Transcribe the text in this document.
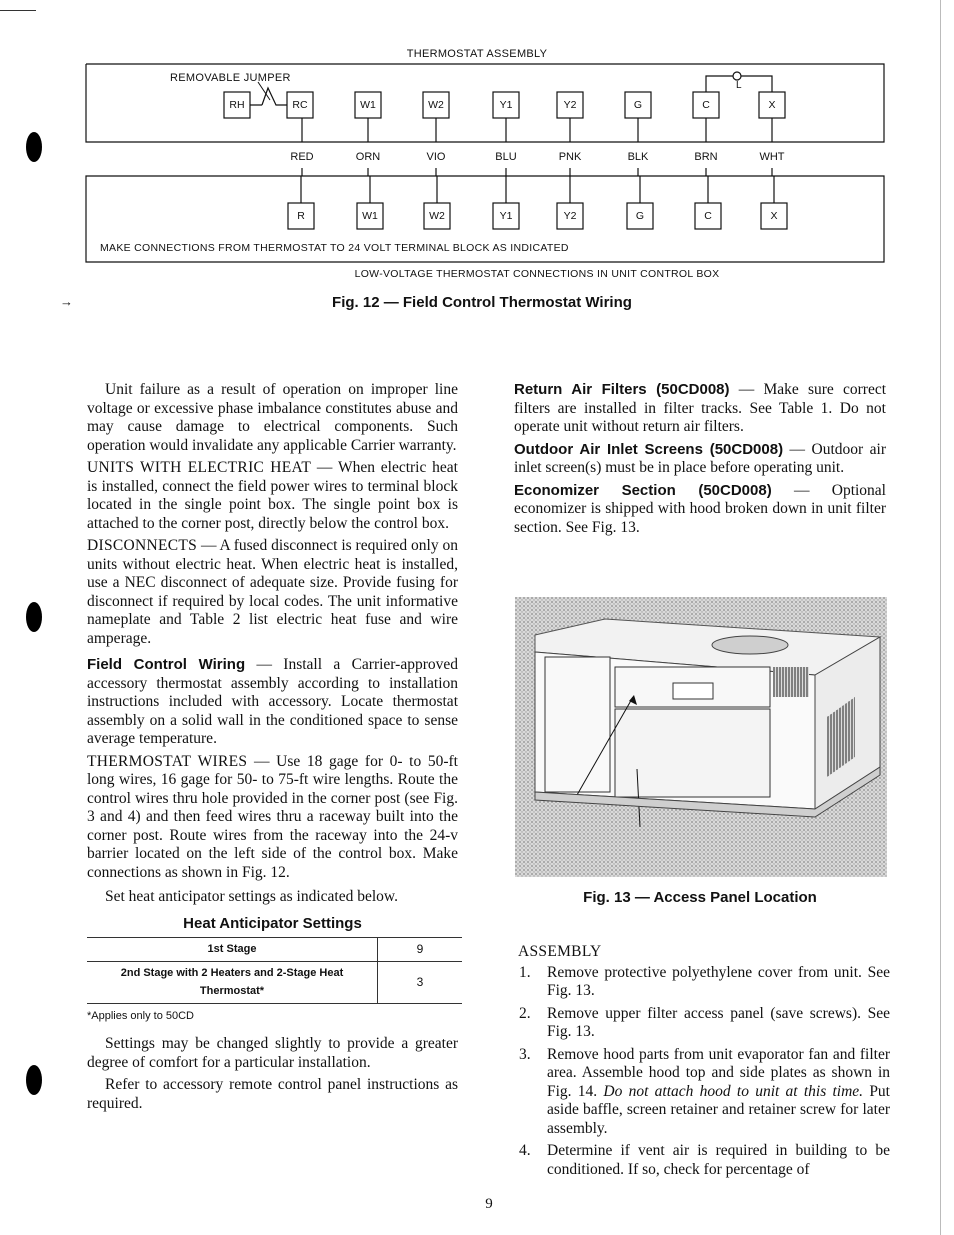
THERMOSTAT ASSEMBLY
REMOVABLE JUMPER
L
RH	RC	W1	W2	Y1	Y2	G	C	X
RED	ORN	VIO	BLU	PNK	BLK	BRN	WHT
R	W1	W2	Y1	Y2	G	C	X
MAKE CONNECTIONS FROM THERMOSTAT TO 24 VOLT TERMINAL BLOCK AS INDICATED
LOW-VOLTAGE THERMOSTAT CONNECTIONS IN UNIT CONTROL BOX
→	Fig. 12 — Field Control Thermostat Wiring

Unit failure as a result of operation on improper line voltage or excessive phase imbalance constitutes abuse and may cause damage to electrical components. Such operation would invalidate any applicable Carrier warranty.

UNITS WITH ELECTRIC HEAT — When electric heat is installed, connect the field power wires to terminal block located in the single point box. The single point box is attached to the corner post, directly below the control box.

DISCONNECTS — A fused disconnect is required only on units without electric heat. When electric heat is installed, use a NEC disconnect of adequate size. Provide fusing for disconnect if required by local codes. The unit informative nameplate and Table 2 list electric heat fuse and wire amperage.

Field Control Wiring — Install a Carrier-approved accessory thermostat assembly according to installation instructions included with accessory. Locate thermostat assembly on a solid wall in the conditioned space to sense average temperature.

THERMOSTAT WIRES — Use 18 gage for 0- to 50-ft long wires, 16 gage for 50- to 75-ft wire lengths. Route the control wires thru hole provided in the corner post (see Fig. 3 and 4) and then feed wires thru a raceway built into the corner post. Route wires from the raceway into the 24-v barrier located on the left side of the control box. Make connections as shown in Fig. 12.

Set heat anticipator settings as indicated below.

Heat Anticipator Settings
1st Stage	9
2nd Stage with 2 Heaters and 2-Stage Heat Thermostat*	3
*Applies only to 50CD

Settings may be changed slightly to provide a greater degree of comfort for a particular installation.

Refer to accessory remote control panel instructions as required.

Return Air Filters (50CD008) — Make sure correct filters are installed in filter tracks. See Table 1. Do not operate unit without return air filters.

Outdoor Air Inlet Screens (50CD008) — Outdoor air inlet screen(s) must be in place before operating unit.

Economizer Section (50CD008) — Optional economizer is shipped with hood broken down in unit filter section. See Fig. 13.

Fig. 13 — Access Panel Location
ASSEMBLY
1. Remove protective polyethylene cover from unit. See Fig. 13.
2. Remove upper filter access panel (save screws). See Fig. 13.
3. Remove hood parts from unit evaporator fan and filter area. Assemble hood top and side plates as shown in Fig. 14. Do not attach hood to unit at this time. Put aside baffle, screen retainer and retainer screw for later assembly.
4. Determine if vent air is required in building to be conditioned. If so, check for percentage of
9
